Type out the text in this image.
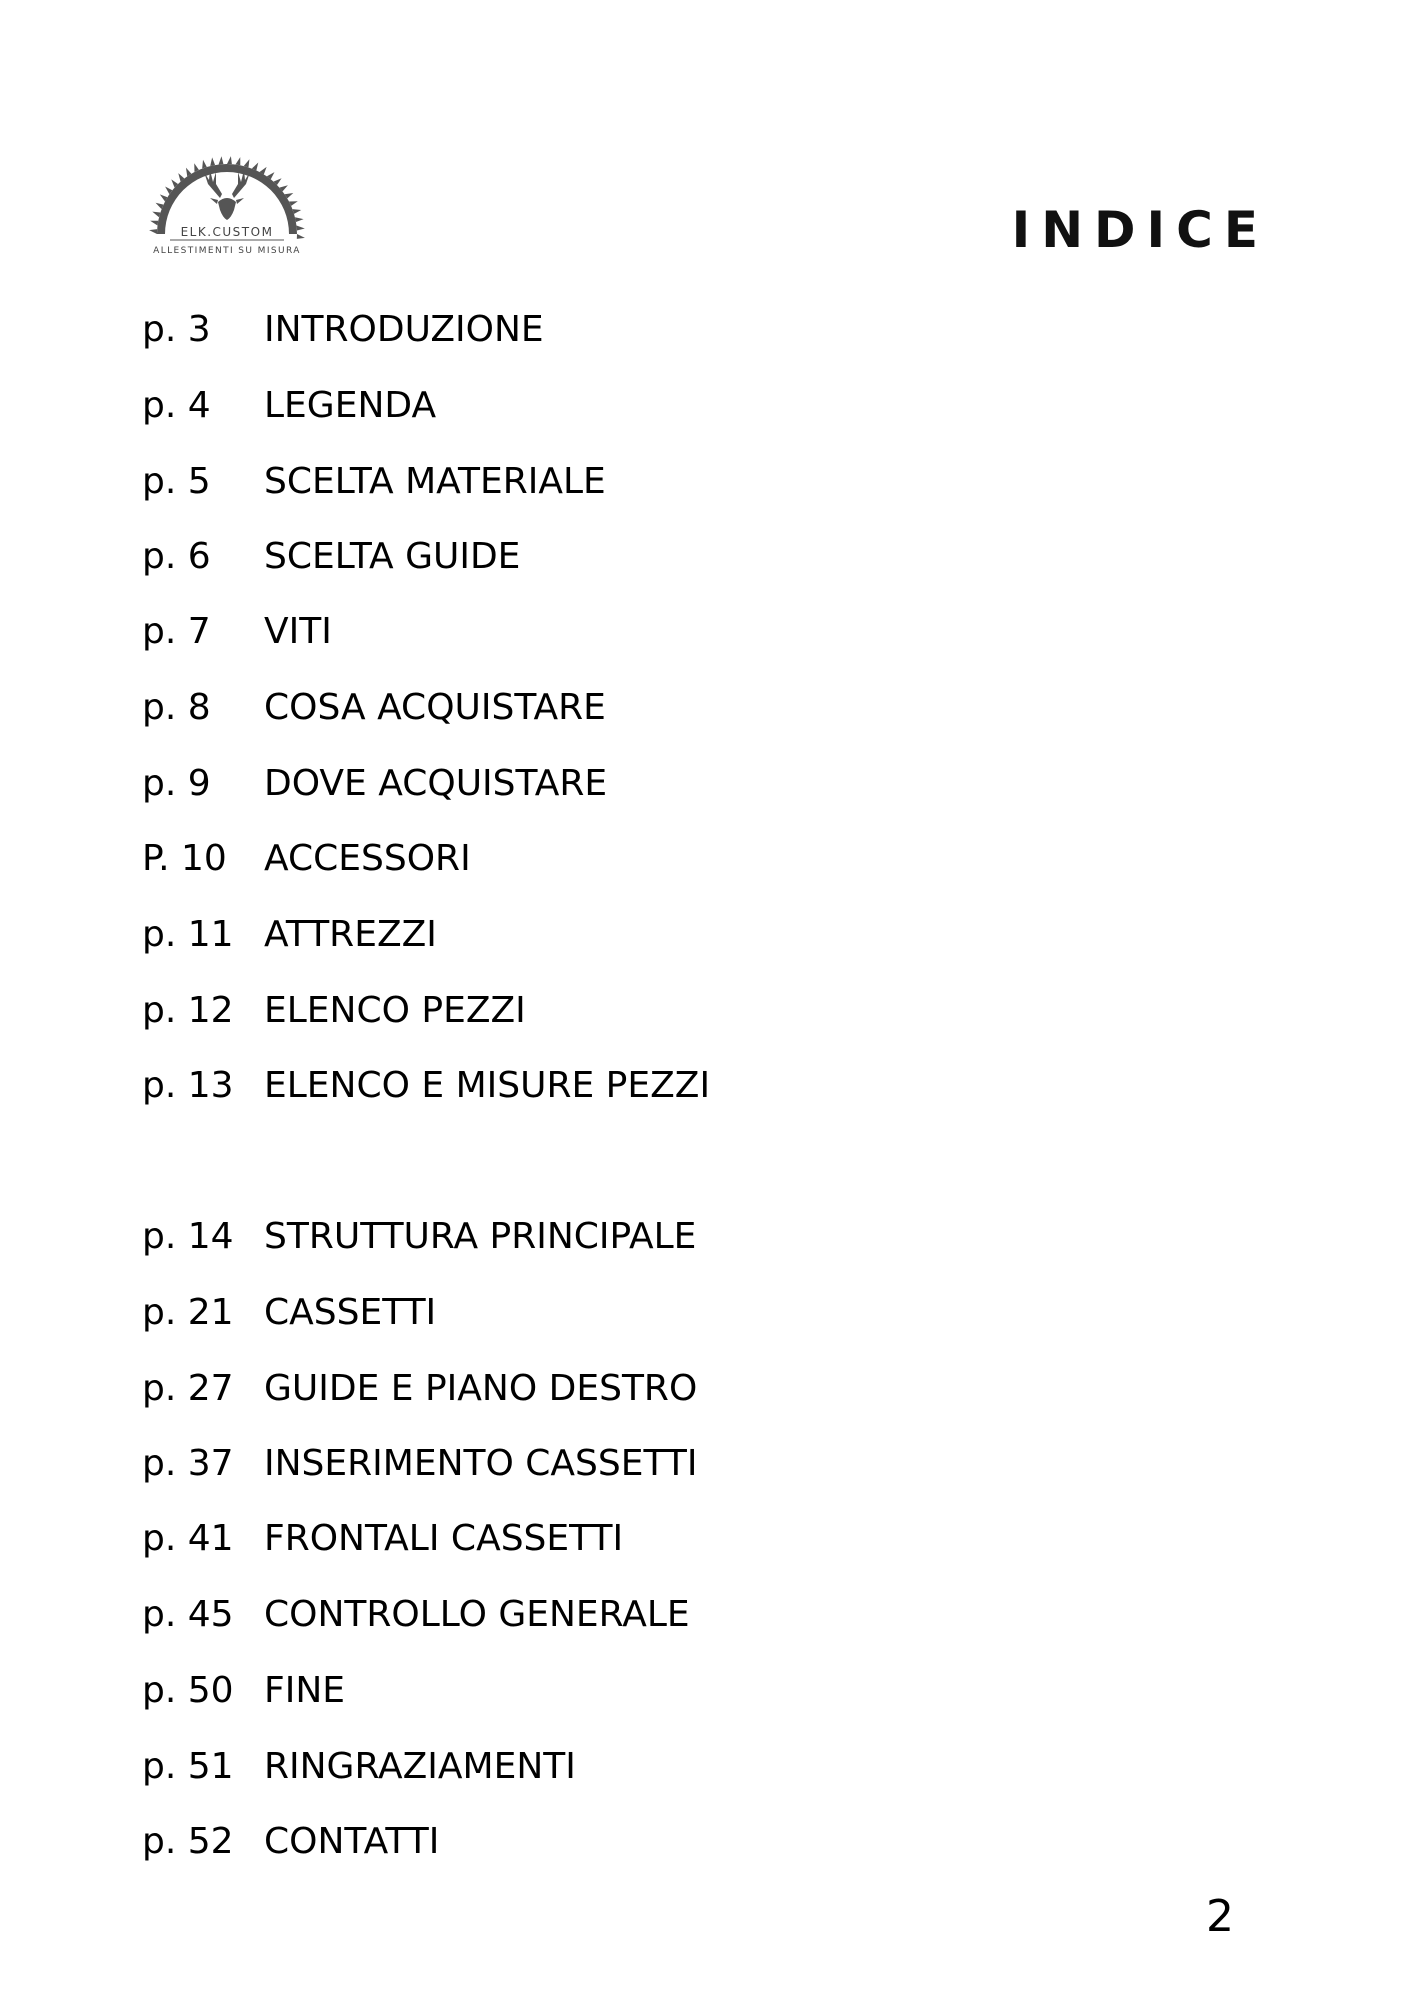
ELK.CUSTOM
ALLESTIMENTI SU MISURA	INDICE
p. 3 INTRODUZIONE
p. 4 LEGENDA
p. 5 SCELTA MATERIALE
p. 6 SCELTA GUIDE
p. 7 VITI
p. 8 COSA ACQUISTARE
p. 9 DOVE ACQUISTARE
P. 10 ACCESSORI
p. 11 ATTREZZI
p. 12 ELENCO PEZZI
p. 13 ELENCO E MISURE PEZZI
p. 14 STRUTTURA PRINCIPALE
p. 21 CASSETTI
p. 27 GUIDE E PIANO DESTRO
p. 37 INSERIMENTO CASSETTI
p. 41 FRONTALI CASSETTI
p. 45 CONTROLLO GENERALE
p. 50 FINE
p. 51 RINGRAZIAMENTI
p. 52 CONTATTI
2
